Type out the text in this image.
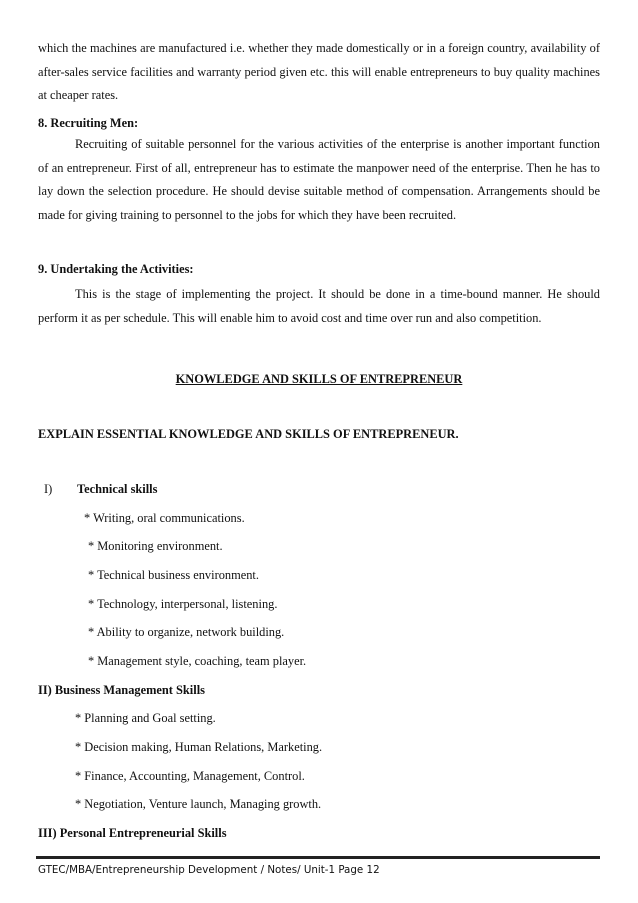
which the machines are manufactured i.e. whether they made domestically or in a foreign country, availability of after-sales service facilities and warranty period given etc. this will enable entrepreneurs to buy quality machines at cheaper rates.

8. Recruiting Men:

Recruiting of suitable personnel for the various activities of the enterprise is another important function of an entrepreneur. First of all, entrepreneur has to estimate the manpower need of the enterprise. Then he has to lay down the selection procedure. He should devise suitable method of compensation. Arrangements should be made for giving training to personnel to the jobs for which they have been recruited.

9. Undertaking the Activities:

This is the stage of implementing the project. It should be done in a time-bound manner. He should perform it as per schedule. This will enable him to avoid cost and time over run and also competition.

KNOWLEDGE AND SKILLS OF ENTREPRENEUR
EXPLAIN ESSENTIAL KNOWLEDGE AND SKILLS OF ENTREPRENEUR.
I) Technical skills
* Writing, oral communications.
* Monitoring environment.
* Technical business environment.
* Technology, interpersonal, listening.
* Ability to organize, network building.
* Management style, coaching, team player.
II) Business Management Skills
* Planning and Goal setting.
* Decision making, Human Relations, Marketing.
* Finance, Accounting, Management, Control.
* Negotiation, Venture launch, Managing growth.
III) Personal Entrepreneurial Skills
GTEC/MBA/Entrepreneurship Development / Notes/ Unit-1 Page 12
